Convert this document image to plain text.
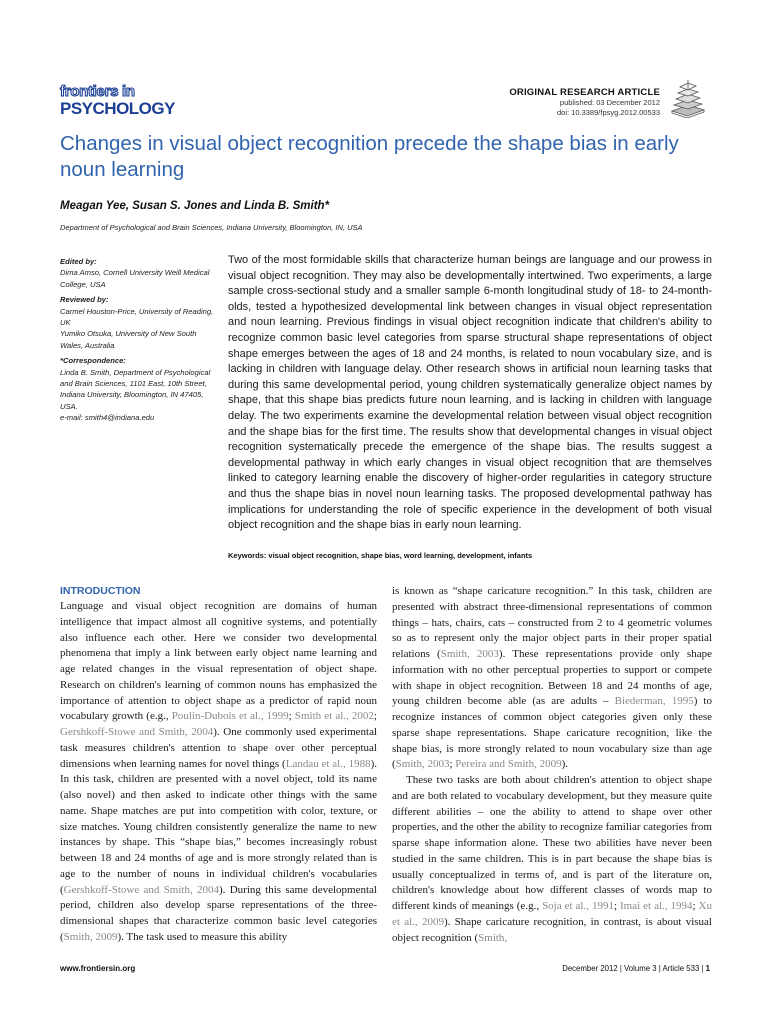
frontiers in
PSYCHOLOGY
ORIGINAL RESEARCH ARTICLE
published: 03 December 2012
doi: 10.3389/fpsyg.2012.00533
Changes in visual object recognition precede the shape bias in early noun learning
Meagan Yee, Susan S. Jones and Linda B. Smith*
Department of Psychological and Brain Sciences, Indiana University, Bloomington, IN, USA
Edited by:
Dima Amso, Cornell University Weill Medical College, USA
Reviewed by:
Carmel Houston-Price, University of Reading, UK
Yumiko Otsuka, University of New South Wales, Australia
*Correspondence:
Linda B. Smith, Department of Psychological and Brain Sciences, 1101 East, 10th Street, Indiana University, Bloomington, IN 47405, USA.
e-mail: smith4@indiana.edu

Two of the most formidable skills that characterize human beings are language and our prowess in visual object recognition. They may also be developmentally intertwined. Two experiments, a large sample cross-sectional study and a smaller sample 6-month longitudinal study of 18- to 24-month-olds, tested a hypothesized developmental link between changes in visual object representation and noun learning. Previous findings in visual object recognition indicate that children's ability to recognize common basic level categories from sparse structural shape representations of object shape emerges between the ages of 18 and 24 months, is related to noun vocabulary size, and is lacking in children with language delay. Other research shows in artificial noun learning tasks that during this same developmental period, young children systematically generalize object names by shape, that this shape bias predicts future noun learning, and is lacking in children with language delay. The two experiments examine the developmental relation between visual object recognition and the shape bias for the first time. The results show that developmental changes in visual object recognition systematically precede the emergence of the shape bias. The results suggest a developmental pathway in which early changes in visual object recognition that are themselves linked to category learning enable the discovery of higher-order regularities in category structure and thus the shape bias in novel noun learning tasks. The proposed developmental pathway has implications for understanding the role of specific experience in the development of both visual object recognition and the shape bias in early noun learning.

Keywords: visual object recognition, shape bias, word learning, development, infants
INTRODUCTION

Language and visual object recognition are domains of human intelligence that impact almost all cognitive systems, and potentially also influence each other. Here we consider two developmental phenomena that imply a link between early object name learning and age related changes in the visual representation of object shape. Research on children's learning of common nouns has emphasized the importance of attention to object shape as a predictor of rapid noun vocabulary growth (e.g., Poulin-Dubois et al., 1999; Smith et al., 2002; Gershkoff-Stowe and Smith, 2004). One commonly used experimental task measures children's attention to shape over other perceptual dimensions when learning names for novel things (Landau et al., 1988). In this task, children are presented with a novel object, told its name (also novel) and then asked to indicate other things with the same name. Shape matches are put into competition with color, texture, or size matches. Young children consistently generalize the name to new instances by shape. This “shape bias,” becomes increasingly robust between 18 and 24 months of age and is more strongly related than is age to the number of nouns in individual children's vocabularies (Gershkoff-Stowe and Smith, 2004). During this same developmental period, children also develop sparse representations of the three-dimensional shapes that characterize common basic level categories (Smith, 2009). The task used to measure this ability

is known as “shape caricature recognition.” In this task, children are presented with abstract three-dimensional representations of common things – hats, chairs, cats – constructed from 2 to 4 geometric volumes so as to represent only the major object parts in their proper spatial relations (Smith, 2003). These representations provide only shape information with no other perceptual properties to support or compete with shape in object recognition. Between 18 and 24 months of age, young children become able (as are adults – Biederman, 1995) to recognize instances of common object categories given only these sparse shape representations. Shape caricature recognition, like the shape bias, is more strongly related to noun vocabulary size than age (Smith, 2003; Pereira and Smith, 2009).

These two tasks are both about children's attention to object shape and are both related to vocabulary development, but they measure quite different abilities – one the ability to attend to shape over other properties, and the other the ability to recognize familiar categories from sparse shape information alone. These two abilities have never been studied in the same children. This is in part because the shape bias is usually conceptualized in terms of, and is part of the literature on, children's knowledge about how different classes of words map to different kinds of meanings (e.g., Soja et al., 1991; Imai et al., 1994; Xu et al., 2009). Shape caricature recognition, in contrast, is about visual object recognition (Smith,

www.frontiersin.org	December 2012 | Volume 3 | Article 533 | 1
